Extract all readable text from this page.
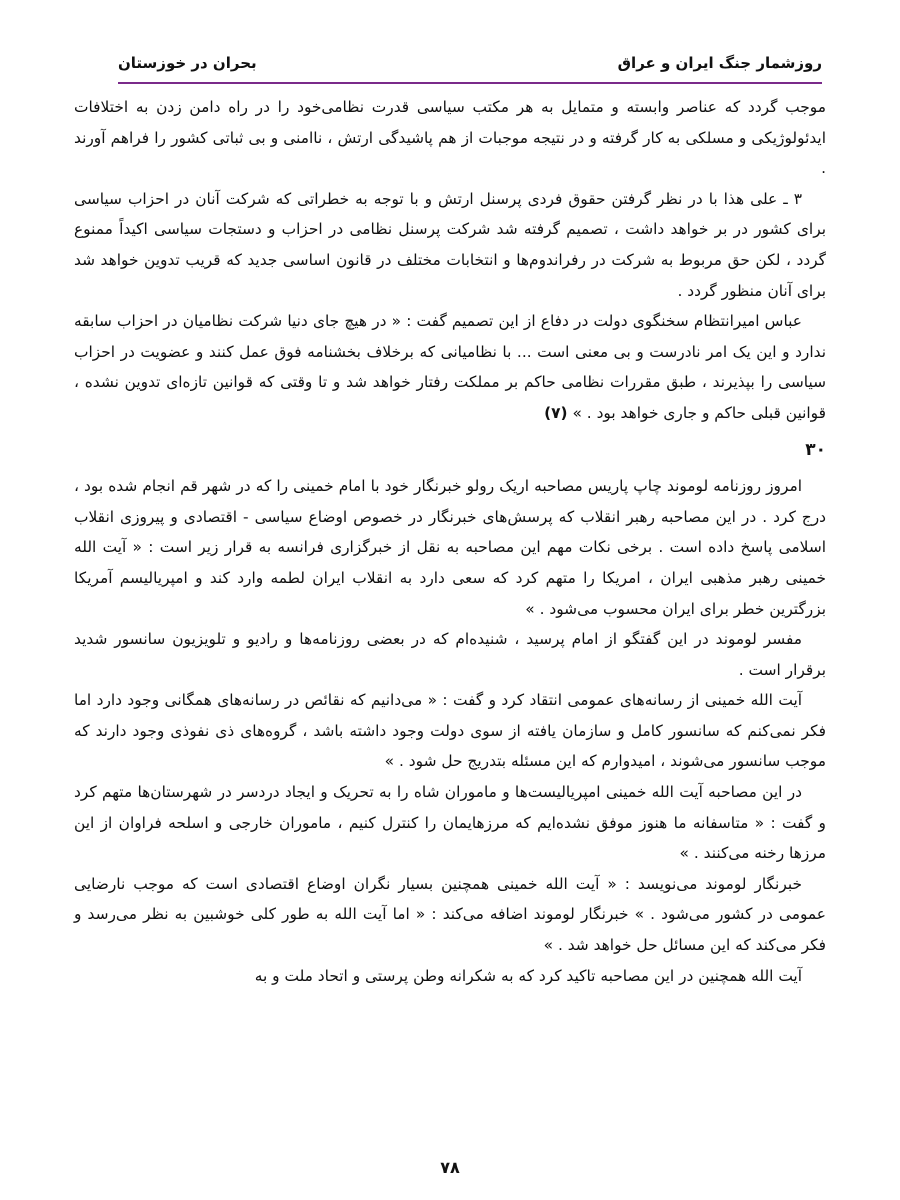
روزشمار جنگ ایران و عراق
بحران در خوزستان

موجب گردد که عناصر وابسته و متمایل به هر مکتب سیاسی قدرت نظامی‌خود را در راه دامن زدن به اختلافات ایدئولوژیکی و مسلکی به کار گرفته و در نتیجه موجبات از هم پاشیدگی ارتش ، ناامنی و بی ثباتی کشور را فراهم آورند .

۳ ـ علی هذا با در نظر گرفتن حقوق فردی پرسنل ارتش و با توجه به خطراتی که شرکت آنان در احزاب سیاسی برای کشور در بر خواهد داشت ، تصمیم گرفته شد شرکت پرسنل نظامی در احزاب و دستجات سیاسی اکیداً ممنوع گردد ، لکن حق مربوط به شرکت در رفراندوم‌ها و انتخابات مختلف در قانون اساسی جدید که قریب تدوین خواهد شد برای آنان منظور گردد .

عباس امیرانتظام سخنگوی دولت در دفاع از این تصمیم گفت : « در هیچ جای دنیا شرکت نظامیان در احزاب سابقه ندارد و این یک امر نادرست و بی معنی است ... با نظامیانی که برخلاف بخشنامه فوق عمل کنند و عضویت در احزاب سیاسی را بپذیرند ، طبق مقررات نظامی حاکم بر مملکت رفتار خواهد شد و تا وقتی که قوانین تازه‌ای تدوین نشده ، قوانین قبلی حاکم و جاری خواهد بود . » (۷)

۳۰

امروز روزنامه لوموند چاپ پاریس مصاحبه اریک رولو خبرنگار خود با امام خمینی را که در شهر قم انجام شده بود ، درج کرد . در این مصاحبه رهبر انقلاب که پرسش‌های خبرنگار در خصوص اوضاع سیاسی - اقتصادی و پیروزی انقلاب اسلامی پاسخ داده است . برخی نکات مهم این مصاحبه به نقل از خبرگزاری فرانسه به قرار زیر است : « آیت الله خمینی رهبر مذهبی ایران ، امریکا را متهم کرد که سعی دارد به انقلاب ایران لطمه وارد کند و امپریالیسم آمریکا بزرگترین خطر برای ایران محسوب می‌شود . »

مفسر لوموند در این گفتگو از امام پرسید ، شنیده‌ام که در بعضی روزنامه‌ها و رادیو و تلویزیون سانسور شدید برقرار است .

آیت الله خمینی از رسانه‌های عمومی انتقاد کرد و گفت : « می‌دانیم که نقائص در رسانه‌های همگانی وجود دارد اما فکر نمی‌کنم که سانسور کامل و سازمان یافته از سوی دولت وجود داشته باشد ، گروه‌های ذی نفوذی وجود دارند که موجب سانسور می‌شوند ، امیدوارم که این مسئله بتدریج حل شود . »

در این مصاحبه آیت الله خمینی امپریالیست‌ها و ماموران شاه را به تحریک و ایجاد دردسر در شهرستان‌ها متهم کرد و گفت : « متاسفانه ما هنوز موفق نشده‌ایم که مرزهایمان را کنترل کنیم ، ماموران خارجی و اسلحه فراوان از این مرزها رخنه می‌کنند . »

خبرنگار لوموند می‌نویسد : « آیت الله خمینی همچنین بسیار نگران اوضاع اقتصادی است که موجب نارضایی عمومی در کشور می‌شود . » خبرنگار لوموند اضافه می‌کند : « اما آیت الله به طور کلی خوشبین به نظر می‌رسد و فکر می‌کند که این مسائل حل خواهد شد . »

آیت الله همچنین در این مصاحبه تاکید کرد که به شکرانه وطن پرستی و اتحاد ملت و به

۷۸
